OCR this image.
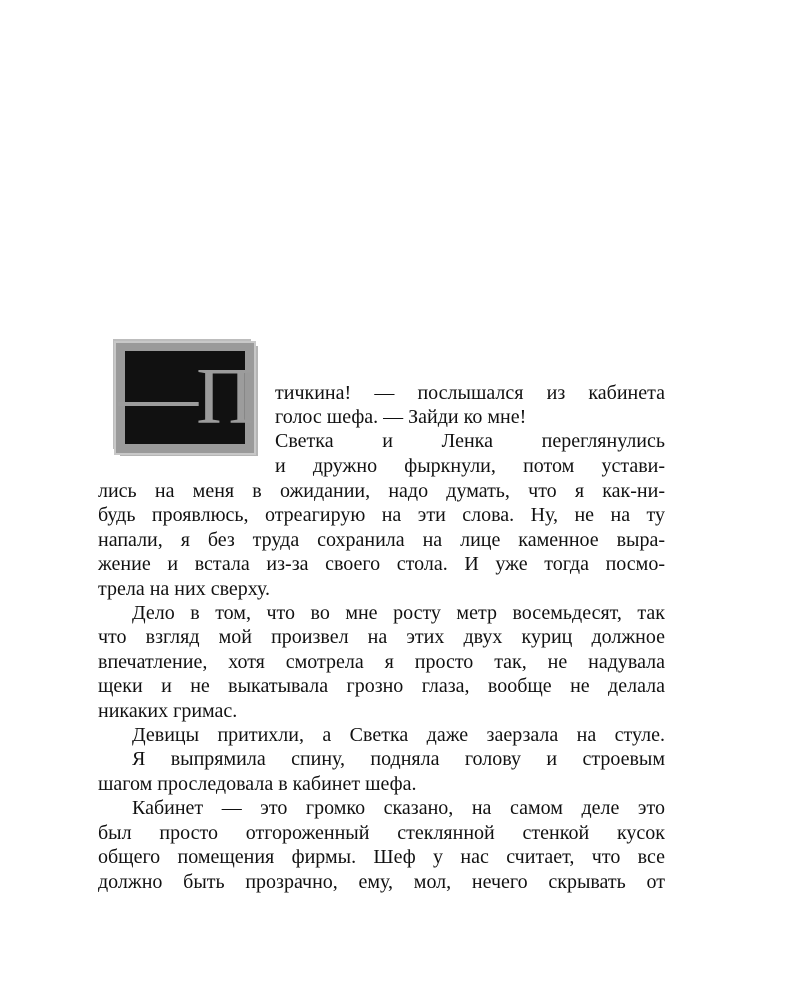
—П тичкина! — послышался из кабинета
голос шефа. — Зайди ко мне!
Светка и Ленка переглянулись
и дружно фыркнули, потом устави-
лись на меня в ожидании, надо думать, что я как-ни-
будь проявлюсь, отреагирую на эти слова. Ну, не на ту
напали, я без труда сохранила на лице каменное выра-
жение и встала из-за своего стола. И уже тогда посмо-
трела на них сверху.
Дело в том, что во мне росту метр восемьдесят, так
что взгляд мой произвел на этих двух куриц должное
впечатление, хотя смотрела я просто так, не надувала
щеки и не выкатывала грозно глаза, вообще не делала
никаких гримас.
Девицы притихли, а Светка даже заерзала на стуле.
Я выпрямила спину, подняла голову и строевым
шагом проследовала в кабинет шефа.
Кабинет — это громко сказано, на самом деле это
был просто отгороженный стеклянной стенкой кусок
общего помещения фирмы. Шеф у нас считает, что все
должно быть прозрачно, ему, мол, нечего скрывать от
